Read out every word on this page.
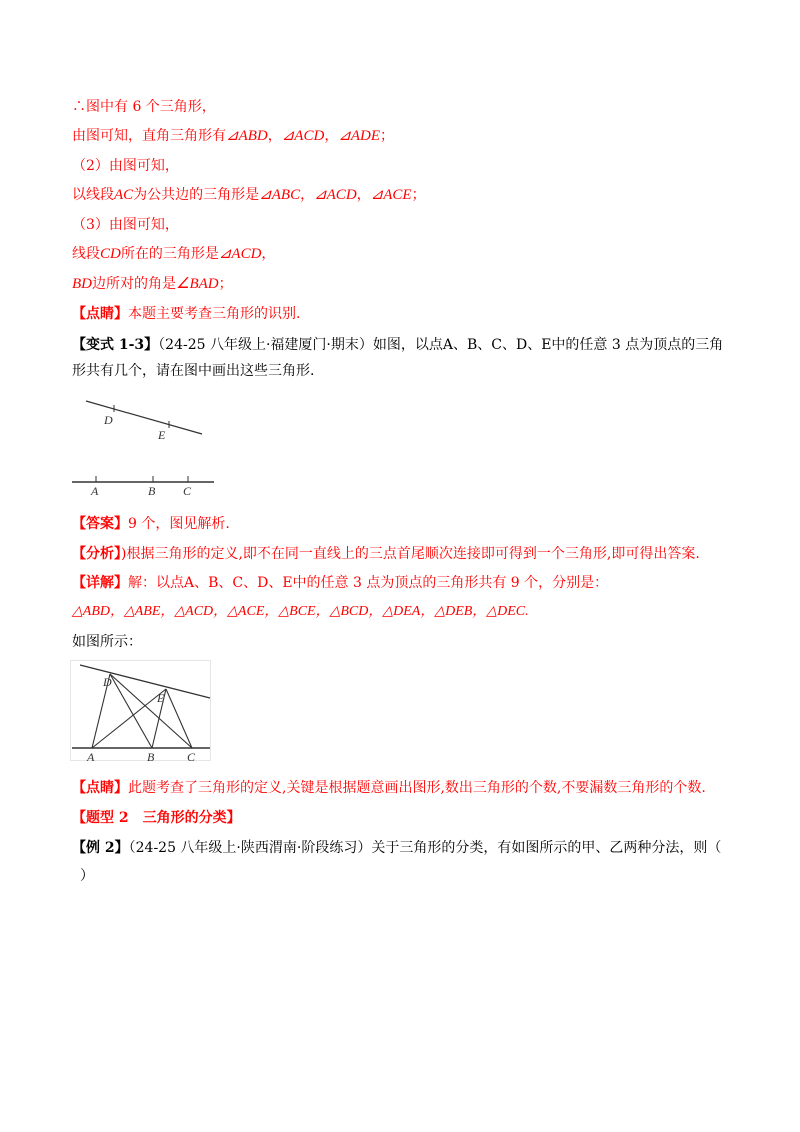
∴图中有 6 个三角形，
由图可知，直角三角形有⊿ABD，⊿ACD，⊿ADE；
（2）由图可知，
以线段AC为公共边的三角形是⊿ABC，⊿ACD，⊿ACE；
（3）由图可知，
线段CD所在的三角形是⊿ACD，
BD边所对的角是∠BAD；
【点睛】本题主要考查三角形的识别.
【变式 1-3】（24-25 八年级上·福建厦门·期末）如图，以点A、B、C、D、E中的任意 3 点为顶点的三角形共有几个，请在图中画出这些三角形.
D
E
A	B C
【答案】9 个，图见解析.
【分析】)根据三角形的定义,即不在同一直线上的三点首尾顺次连接即可得到一个三角形,即可得出答案.
【详解】解：以点A、B、C、D、E中的任意 3 点为顶点的三角形共有 9 个，分别是：
△ABD，△ABE，△ACD，△ACE，△BCE，△BCD，△DEA，△DEB，△DEC.
如图所示：
D
E
A	B	C
【点睛】此题考查了三角形的定义,关键是根据题意画出图形,数出三角形的个数,不要漏数三角形的个数.
【题型 2　三角形的分类】
【例 2】（24-25 八年级上·陕西渭南·阶段练习）关于三角形的分类，有如图所示的甲、乙两种分法，则（
）
